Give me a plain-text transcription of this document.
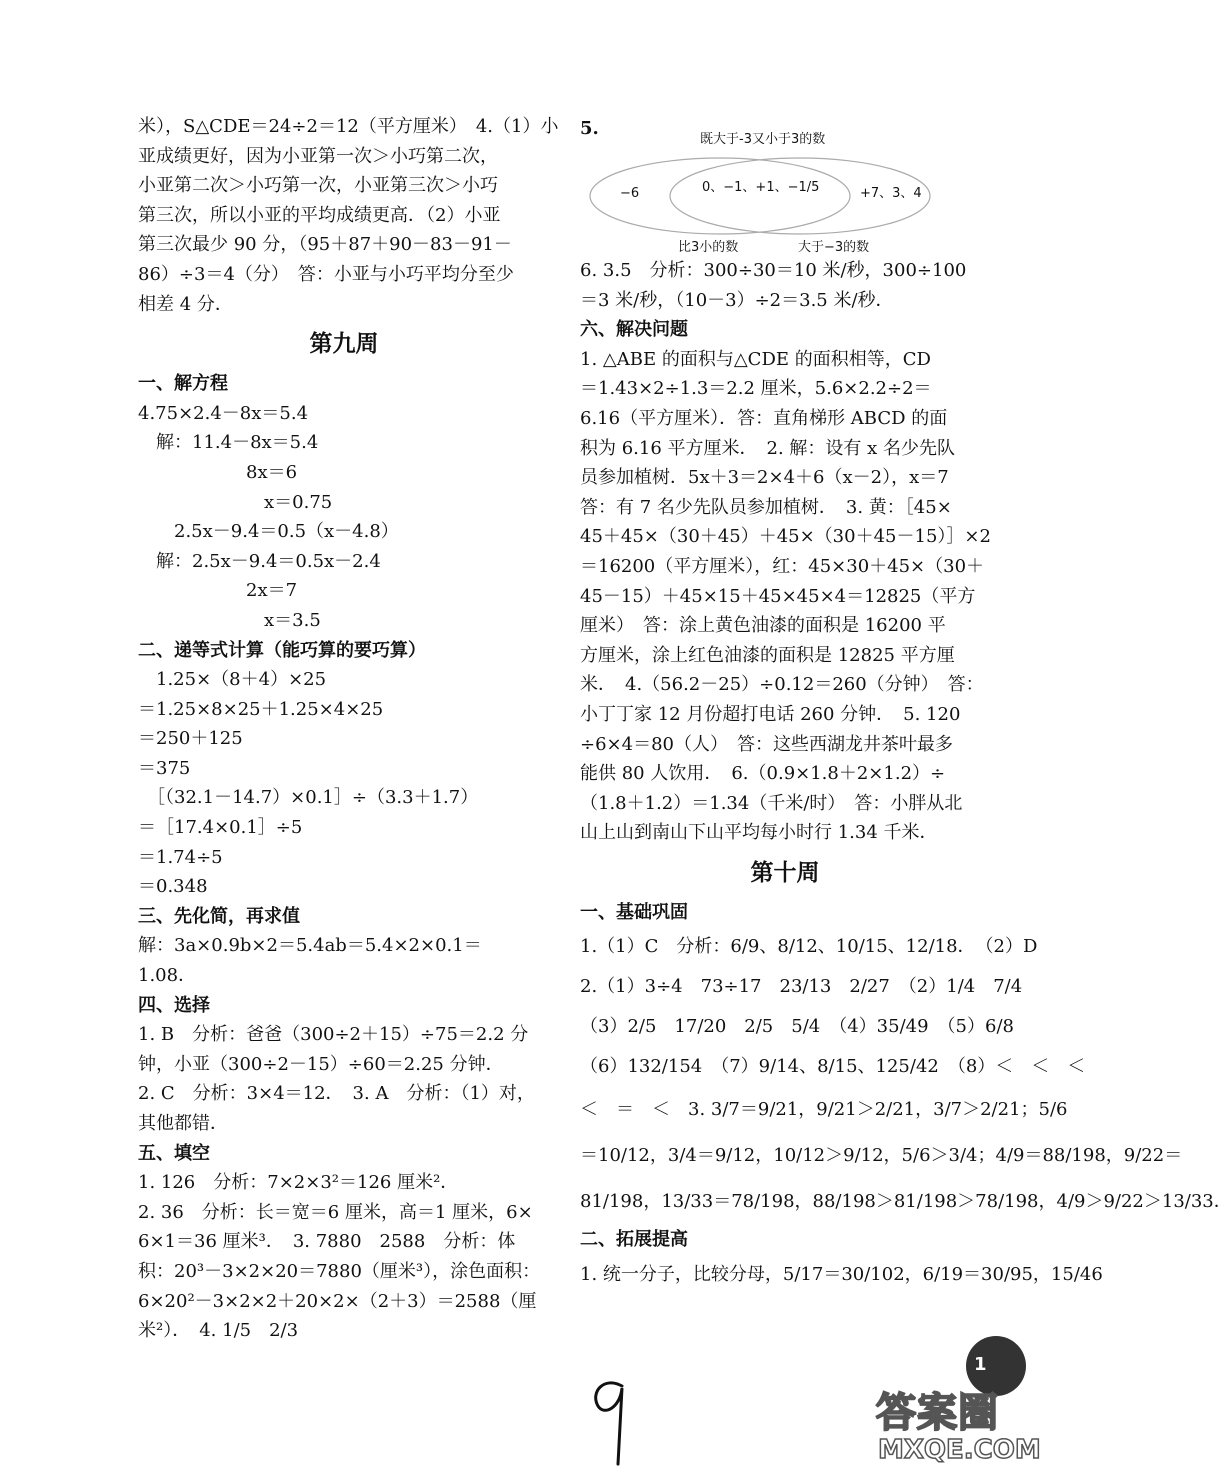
米），S△CDE＝24÷2＝12（平方厘米）　4.（1）小
亚成绩更好，因为小亚第一次＞小巧第二次，
小亚第二次＞小巧第一次，小亚第三次＞小巧
第三次，所以小亚的平均成绩更高．（2）小亚
第三次最少 90 分，（95＋87＋90－83－91－
86）÷3＝4（分）　答：小亚与小巧平均分至少
相差 4 分．
第九周
一、解方程
4.75×2.4－8x＝5.4
　解：11.4－8x＝5.4
　　　　　　8x＝6
　　　　　　　x＝0.75
　　2.5x－9.4＝0.5（x－4.8）
　解：2.5x－9.4＝0.5x－2.4
　　　　　　2x＝7
　　　　　　　x＝3.5
二、递等式计算（能巧算的要巧算）
　1.25×（8＋4）×25
＝1.25×8×25＋1.25×4×25
＝250＋125
＝375
　［（32.1－14.7）×0.1］÷（3.3＋1.7）
＝［17.4×0.1］÷5
＝1.74÷5
＝0.348
三、先化简，再求值
解：3a×0.9b×2＝5.4ab＝5.4×2×0.1＝
1.08．
四、选择
1. B　分析：爸爸（300÷2＋15）÷75＝2.2 分
钟，小亚（300÷2－15）÷60＝2.25 分钟．
2. C　分析：3×4＝12．　3. A　分析：（1）对，
其他都错．
五、填空
1. 126　分析：7×2×3²＝126 厘米²．
2. 36　分析：长＝宽＝6 厘米，高＝1 厘米，6×
6×1＝36 厘米³．　3. 7880　2588　分析：体
积：20³－3×2×20＝7880（厘米³），涂色面积：
6×20²－3×2×2＋20×2×（2＋3）＝2588（厘
米²）．　4. 1/5　2/3
5.
既大于-3又小于3的数
−6	0、−1、+1、−1/5	+7、3、4
比3小的数	大于−3的数
6. 3.5　分析：300÷30＝10 米/秒，300÷100
＝3 米/秒，（10－3）÷2＝3.5 米/秒．
六、解决问题
1. △ABE 的面积与△CDE 的面积相等，CD
＝1.43×2÷1.3＝2.2 厘米，5.6×2.2÷2＝
6.16（平方厘米）．答：直角梯形 ABCD 的面
积为 6.16 平方厘米．　2. 解：设有 x 名少先队
员参加植树．5x＋3＝2×4＋6（x－2），x＝7
答：有 7 名少先队员参加植树．　3. 黄：［45×
45＋45×（30＋45）＋45×（30＋45－15）］×2
＝16200（平方厘米），红：45×30＋45×（30＋
45－15）＋45×15＋45×45×4＝12825（平方
厘米）　答：涂上黄色油漆的面积是 16200 平
方厘米，涂上红色油漆的面积是 12825 平方厘
米．　4.（56.2－25）÷0.12＝260（分钟）　答：
小丁丁家 12 月份超打电话 260 分钟．　5. 120
÷6×4＝80（人）　答：这些西湖龙井茶叶最多
能供 80 人饮用．　6.（0.9×1.8＋2×1.2）÷
（1.8＋1.2）＝1.34（千米/时）　答：小胖从北
山上山到南山下山平均每小时行 1.34 千米．
第十周
一、基础巩固
1.（1）C　分析：6/9、8/12、10/15、12/18．　（2）D
2.（1）3÷4　73÷17　23/13　2/27　（2）1/4　7/4
（3）2/5　17/20　2/5　5/4　（4）35/49　（5）6/8
（6）132/154　（7）9/14、8/15、125/42　（8）＜　＜　＜
＜　＝　＜　3. 3/7＝9/21，9/21＞2/21，3/7＞2/21；5/6
＝10/12，3/4＝9/12，10/12＞9/12，5/6＞3/4；4/9＝88/198，9/22＝
81/198，13/33＝78/198，88/198＞81/198＞78/198，4/9＞9/22＞13/33．
二、拓展提高
1. 统一分子，比较分母，5/17＝30/102，6/19＝30/95，15/46
1
答案圈
MXQE.COM
